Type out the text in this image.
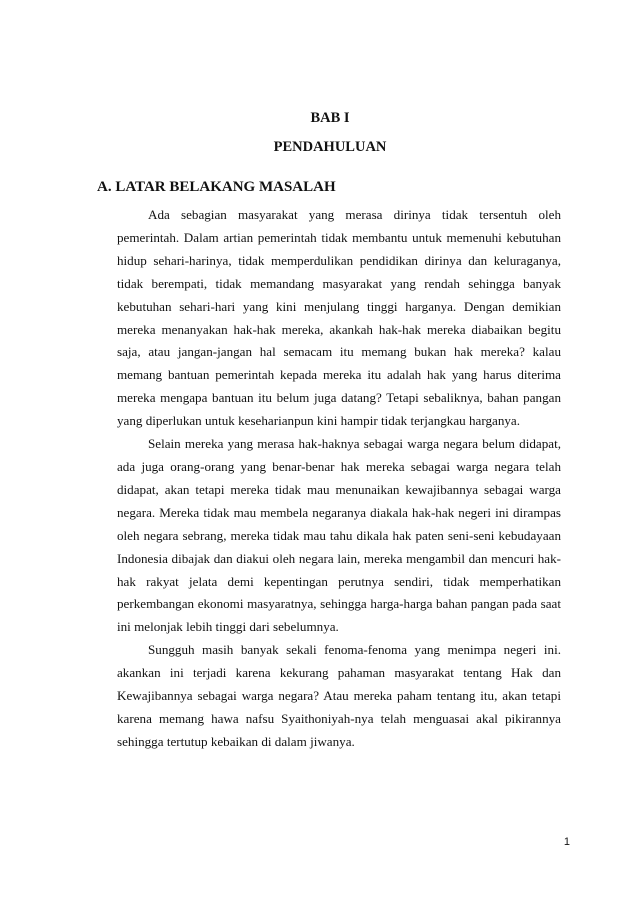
BAB I
PENDAHULUAN
A. LATAR BELAKANG MASALAH

Ada sebagian masyarakat yang merasa dirinya tidak tersentuh oleh pemerintah. Dalam artian pemerintah tidak membantu untuk memenuhi kebutuhan hidup sehari-harinya, tidak memperdulikan pendidikan dirinya dan keluraganya, tidak berempati, tidak memandang masyarakat yang rendah sehingga banyak kebutuhan sehari-hari yang kini menjulang tinggi harganya. Dengan demikian mereka menanyakan hak-hak mereka, akankah hak-hak mereka diabaikan begitu saja, atau jangan-jangan hal semacam itu memang bukan hak mereka? kalau memang bantuan pemerintah kepada mereka itu adalah hak yang harus diterima mereka mengapa bantuan itu belum juga datang? Tetapi sebaliknya, bahan pangan yang diperlukan untuk keseharianpun kini hampir tidak terjangkau harganya.

Selain mereka yang merasa hak-haknya sebagai warga negara belum didapat, ada juga orang-orang yang benar-benar hak mereka sebagai warga negara telah didapat, akan tetapi mereka tidak mau menunaikan kewajibannya sebagai warga negara. Mereka tidak mau membela negaranya diakala hak-hak negeri ini dirampas oleh negara sebrang, mereka tidak mau tahu dikala hak paten seni-seni kebudayaan Indonesia dibajak dan diakui oleh negara lain, mereka mengambil dan mencuri hak-hak rakyat jelata demi kepentingan perutnya sendiri, tidak memperhatikan perkembangan ekonomi masyaratnya, sehingga harga-harga bahan pangan pada saat ini melonjak lebih tinggi dari sebelumnya.

Sungguh masih banyak sekali fenoma-fenoma yang menimpa negeri ini. akankan ini terjadi karena kekurang pahaman masyarakat tentang Hak dan Kewajibannya sebagai warga negara? Atau mereka paham tentang itu, akan tetapi karena memang hawa nafsu Syaithoniyah-nya telah menguasai akal pikirannya sehingga tertutup kebaikan di dalam jiwanya.

1
